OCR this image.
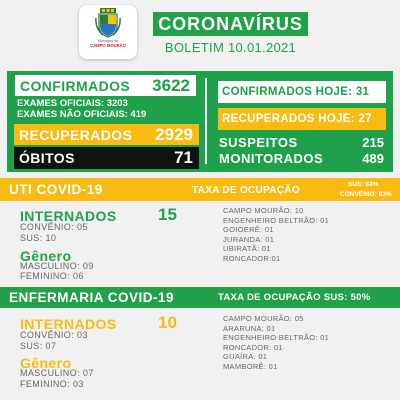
Município de
CAMPO MOURÃO
CORONAVÍRUS
BOLETIM 10.01.2021
CONFIRMADOS 3622
EXAMES OFICIAIS: 3203
EXAMES NÃO OFICIAIS: 419
RECUPERADOS 2929
ÓBITOS	71
CONFIRMADOS HOJE: 31
RECUPERADOS HOJE: 27
SUSPEITOS	215
MONITORADOS	489
UTI COVID-19	TAXA DE OCUPAÇÃO
SUS: 83%
CONVÊNIO: 83%
INTERNADOS 15
CONVÊNIO: 05
SUS: 10
Gênero
MASCULINO: 09
FEMININO: 06
CAMPO MOURÃO: 10
ENGENHEIRO BELTRÃO: 01
GOIOERÊ: 01
JURANDA: 01
UBIRATÃ: 01
RONCADOR:01
ENFERMARIA COVID-19	TAXA DE OCUPAÇÃO SUS: 50%
INTERNADOS 10
CONVÊNIO: 03
SUS: 07
Gênero
MASCULINO: 07
FEMININO: 03
CAMPO MOURÃO: 05
ARARUNA: 01
ENGENHEIRO BELTRÃO: 01
RONCADOR: 01
GUAÍRA: 01
MAMBORÊ: 01
